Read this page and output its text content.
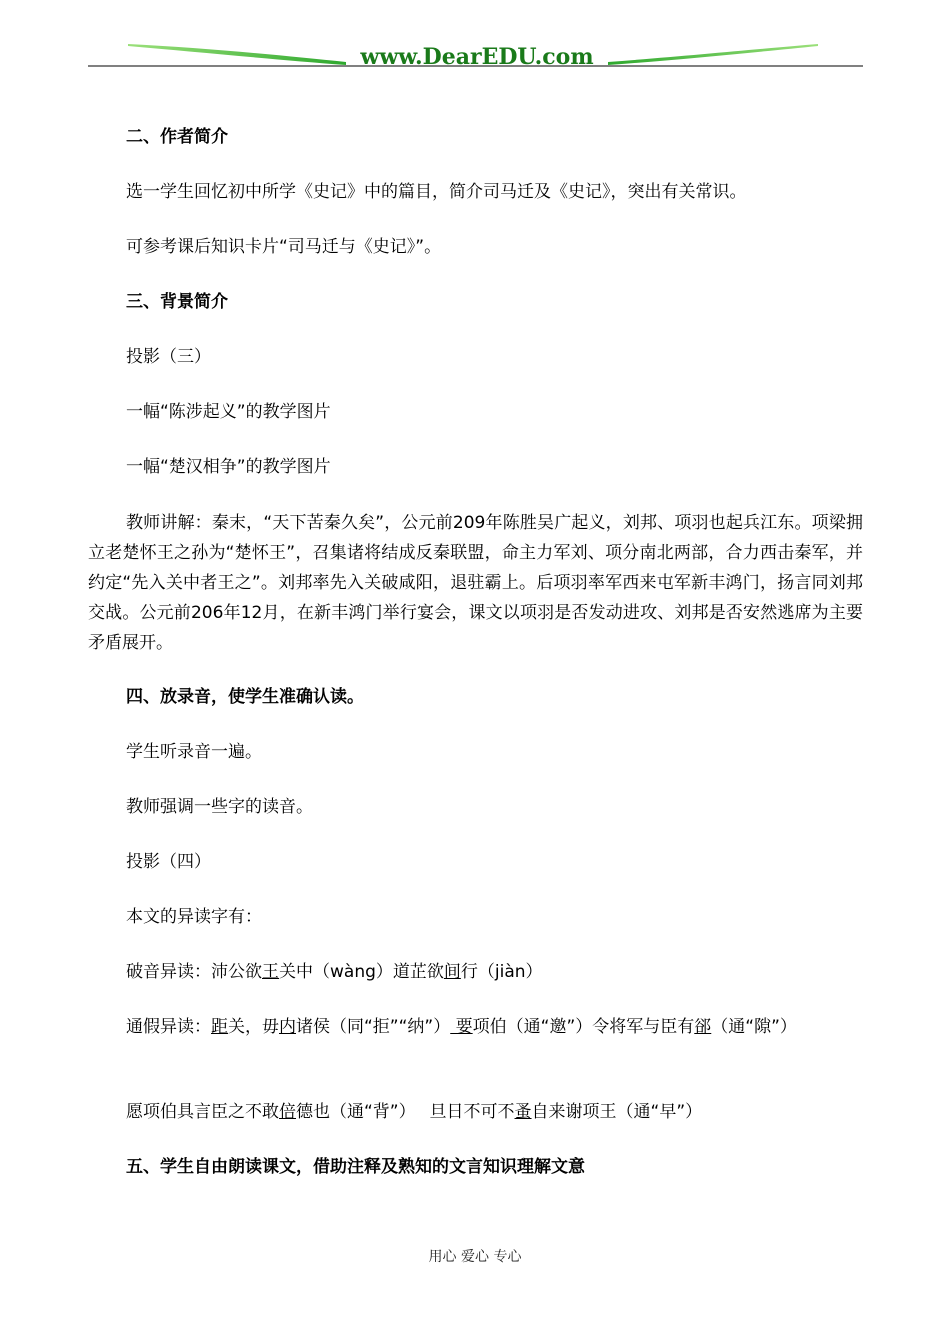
www.DearEDU.com
二、作者简介
选一学生回忆初中所学《史记》中的篇目，简介司马迁及《史记》，突出有关常识。
可参考课后知识卡片“司马迁与《史记》”。
三、背景简介
投影（三）
一幅“陈涉起义”的教学图片
一幅“楚汉相争”的教学图片
教师讲解：秦末，“天下苦秦久矣”，公元前209年陈胜吴广起义，刘邦、项羽也起兵江东。项梁拥立老楚怀王之孙为“楚怀王”，召集诸将结成反秦联盟，命主力军刘、项分南北两部，合力西击秦军，并约定“先入关中者王之”。刘邦率先入关破咸阳，退驻霸上。后项羽率军西来屯军新丰鸿门，扬言同刘邦交战。公元前206年12月，在新丰鸿门举行宴会，课文以项羽是否发动进攻、刘邦是否安然逃席为主要矛盾展开。
四、放录音，使学生准确认读。
学生听录音一遍。
教师强调一些字的读音。
投影（四）
本文的异读字有：
破音异读：沛公欲王关中（wàng）道芷欲间行（jiàn）
通假异读：距关，毋内诸侯（同“拒”“纳”） 要项伯（通“邀”）令将军与臣有郤（通“隙”）
愿项伯具言臣之不敢倍德也（通“背”）　 旦日不可不蚤自来谢项王（通“早”）
五、学生自由朗读课文，借助注释及熟知的文言知识理解文意
用心 爱心 专心
